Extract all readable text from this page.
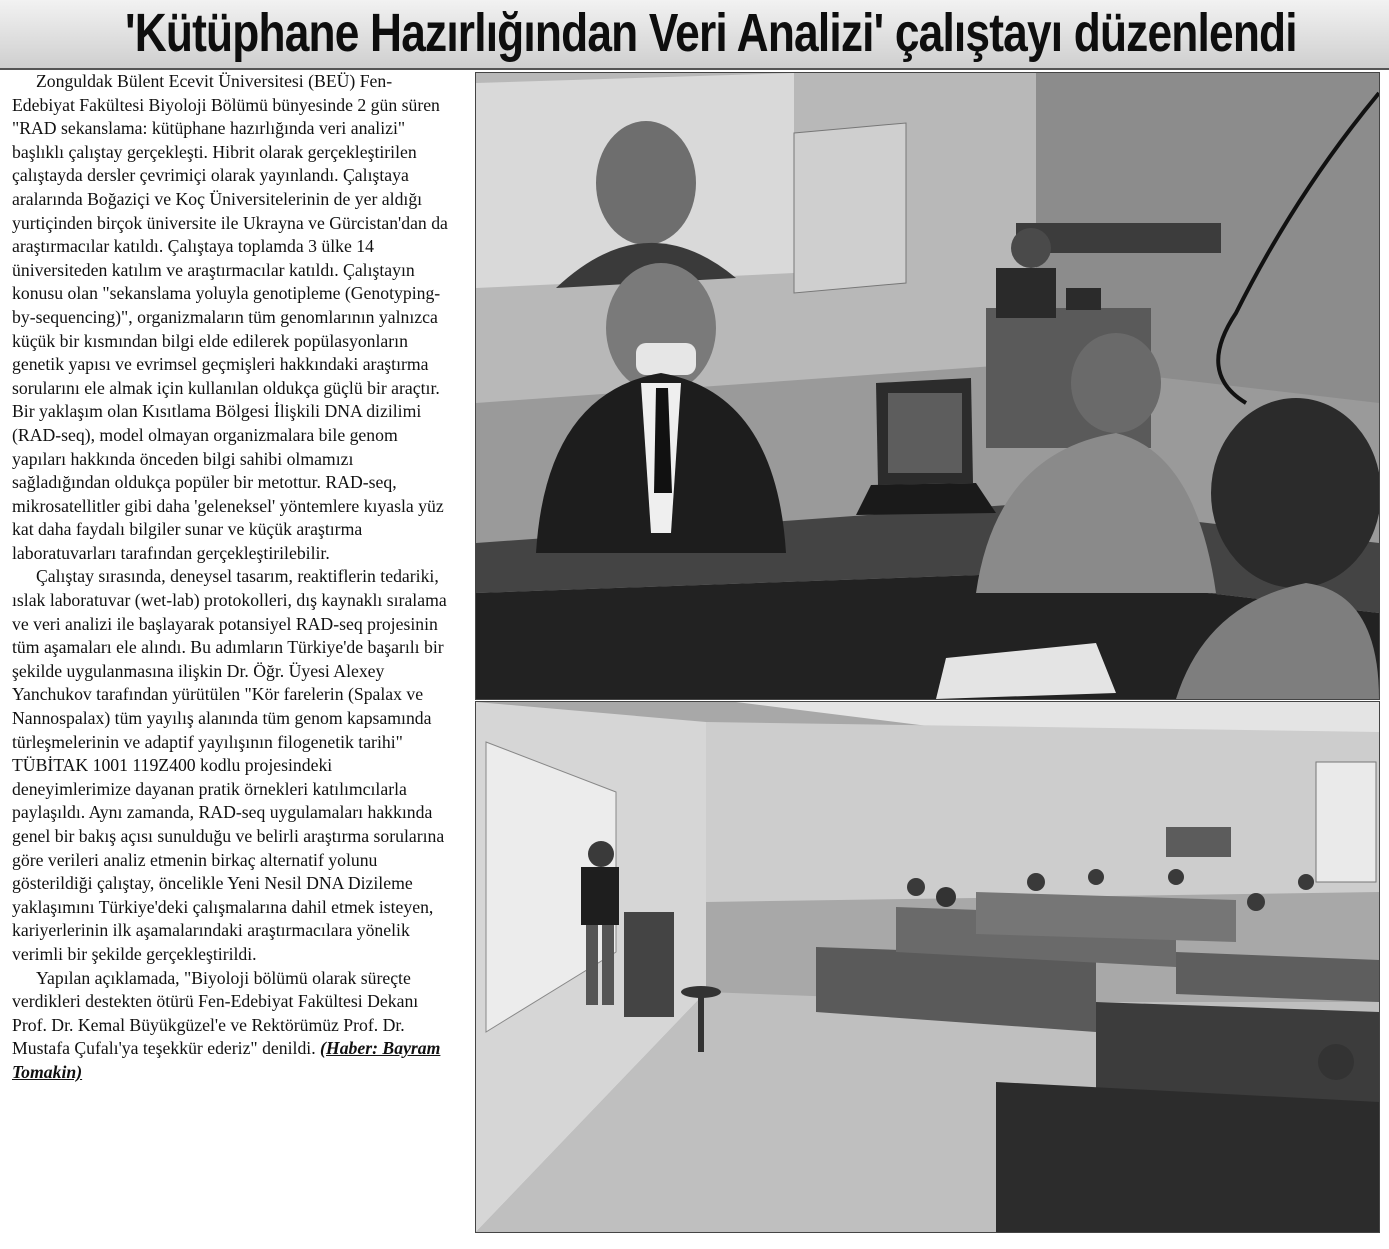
'Kütüphane Hazırlığından Veri Analizi' çalıştayı düzenlendi

Zonguldak Bülent Ecevit Üniversitesi (BEÜ) Fen-Edebiyat Fakültesi Biyoloji Bölümü bünyesinde 2 gün süren "RAD sekanslama: kütüphane hazırlığında veri analizi" başlıklı çalıştay gerçekleşti. Hibrit olarak gerçekleştirilen çalıştayda dersler çevrimiçi olarak yayınlandı. Çalıştaya aralarında Boğaziçi ve Koç Üniversitelerinin de yer aldığı yurtiçinden birçok üniversite ile Ukrayna ve Gürcistan'dan da araştırmacılar katıldı. Çalıştaya toplamda 3 ülke 14 üniversiteden katılım ve araştırmacılar katıldı. Çalıştayın konusu olan "sekanslama yoluyla genotipleme (Genotyping-by-sequencing)", organizmaların tüm genomlarının yalnızca küçük bir kısmından bilgi elde edilerek popülasyonların genetik yapısı ve evrimsel geçmişleri hakkındaki araştırma sorularını ele almak için kullanılan oldukça güçlü bir araçtır. Bir yaklaşım olan Kısıtlama Bölgesi İlişkili DNA dizilimi (RAD-seq), model olmayan organizmalara bile genom yapıları hakkında önceden bilgi sahibi olmamızı sağladığından oldukça popüler bir metottur. RAD-seq, mikrosatellitler gibi daha 'geleneksel' yöntemlere kıyasla yüz kat daha faydalı bilgiler sunar ve küçük araştırma laboratuvarları tarafından gerçekleştirilebilir.

Çalıştay sırasında, deneysel tasarım, reaktiflerin tedariki, ıslak laboratuvar (wet-lab) protokolleri, dış kaynaklı sıralama ve veri analizi ile başlayarak potansiyel RAD-seq projesinin tüm aşamaları ele alındı. Bu adımların Türkiye'de başarılı bir şekilde uygulanmasına ilişkin Dr. Öğr. Üyesi Alexey Yanchukov tarafından yürütülen "Kör farelerin (Spalax ve Nannospalax) tüm yayılış alanında tüm genom kapsamında türleşmelerinin ve adaptif yayılışının filogenetik tarihi" TÜBİTAK 1001 119Z400 kodlu projesindeki deneyimlerimize dayanan pratik örnekleri katılımcılarla paylaşıldı. Aynı zamanda, RAD-seq uygulamaları hakkında genel bir bakış açısı sunulduğu ve belirli araştırma sorularına göre verileri analiz etmenin birkaç alternatif yolunu gösterildiği çalıştay, öncelikle Yeni Nesil DNA Dizileme yaklaşımını Türkiye'deki çalışmalarına dahil etmek isteyen, kariyerlerinin ilk aşamalarındaki araştırmacılara yönelik verimli bir şekilde gerçekleştirildi.

Yapılan açıklamada, "Biyoloji bölümü olarak süreçte verdikleri destekten ötürü Fen-Edebiyat Fakültesi Dekanı Prof. Dr. Kemal Büyükgüzel'e ve Rektörümüz Prof. Dr. Mustafa Çufalı'ya teşekkür ederiz" denildi. (Haber: Bayram Tomakin)
